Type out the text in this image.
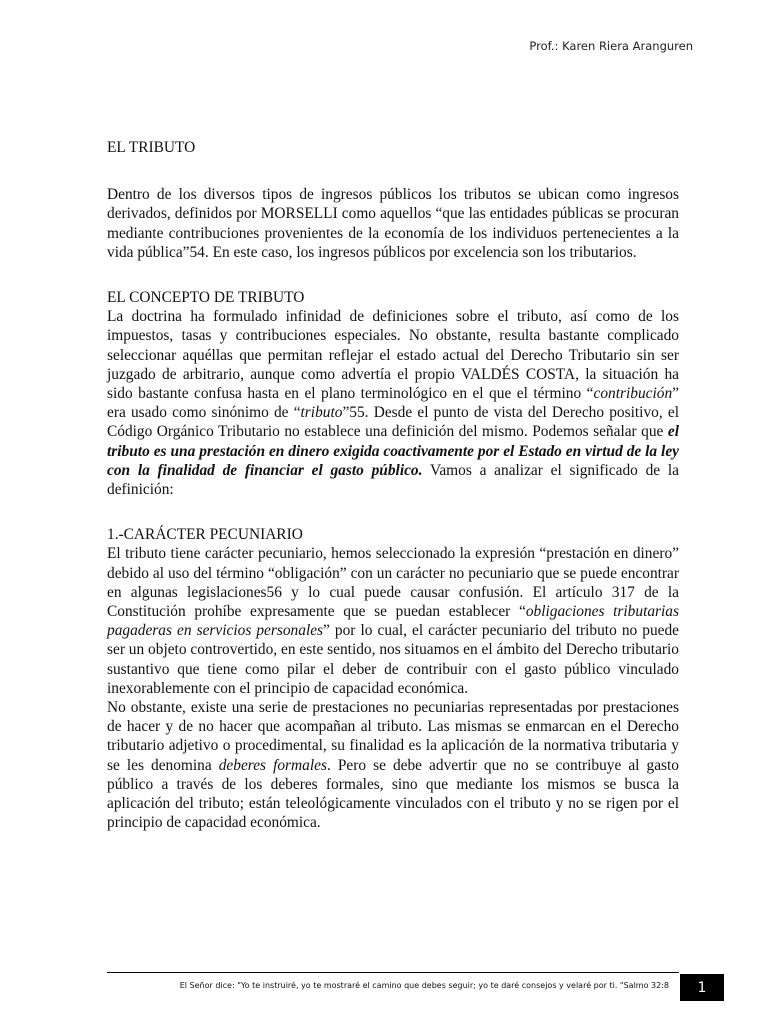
Prof.: Karen Riera Aranguren

EL TRIBUTO

Dentro de los diversos tipos de ingresos públicos los tributos se ubican como ingresos derivados, definidos por MORSELLI como aquellos “que las entidades públicas se procuran mediante contribuciones provenientes de la economía de los individuos pertenecientes a la vida pública”54. En este caso, los ingresos públicos por excelencia son los tributarios.

EL CONCEPTO DE TRIBUTO

La doctrina ha formulado infinidad de definiciones sobre el tributo, así como de los impuestos, tasas y contribuciones especiales. No obstante, resulta bastante complicado seleccionar aquéllas que permitan reflejar el estado actual del Derecho Tributario sin ser juzgado de arbitrario, aunque como advertía el propio VALDÉS COSTA, la situación ha sido bastante confusa hasta en el plano terminológico en el que el término “contribución” era usado como sinónimo de “tributo”55. Desde el punto de vista del Derecho positivo, el Código Orgánico Tributario no establece una definición del mismo. Podemos señalar que el tributo es una prestación en dinero exigida coactivamente por el Estado en virtud de la ley con la finalidad de financiar el gasto público. Vamos a analizar el significado de la definición:

1.-CARÁCTER PECUNIARIO

El tributo tiene carácter pecuniario, hemos seleccionado la expresión “prestación en dinero” debido al uso del término “obligación” con un carácter no pecuniario que se puede encontrar en algunas legislaciones56 y lo cual puede causar confusión. El artículo 317 de la Constitución prohíbe expresamente que se puedan establecer “obligaciones tributarias pagaderas en servicios personales” por lo cual, el carácter pecuniario del tributo no puede ser un objeto controvertido, en este sentido, nos situamos en el ámbito del Derecho tributario sustantivo que tiene como pilar el deber de contribuir con el gasto público vinculado inexorablemente con el principio de capacidad económica.

No obstante, existe una serie de prestaciones no pecuniarias representadas por prestaciones de hacer y de no hacer que acompañan al tributo. Las mismas se enmarcan en el Derecho tributario adjetivo o procedimental, su finalidad es la aplicación de la normativa tributaria y se les denomina deberes formales. Pero se debe advertir que no se contribuye al gasto público a través de los deberes formales, sino que mediante los mismos se busca la aplicación del tributo; están teleológicamente vinculados con el tributo y no se rigen por el principio de capacidad económica.

El Señor dice: "Yo te instruiré, yo te mostraré el camino que debes seguir; yo te daré consejos y velaré por ti. "Salmo 32:8	1
